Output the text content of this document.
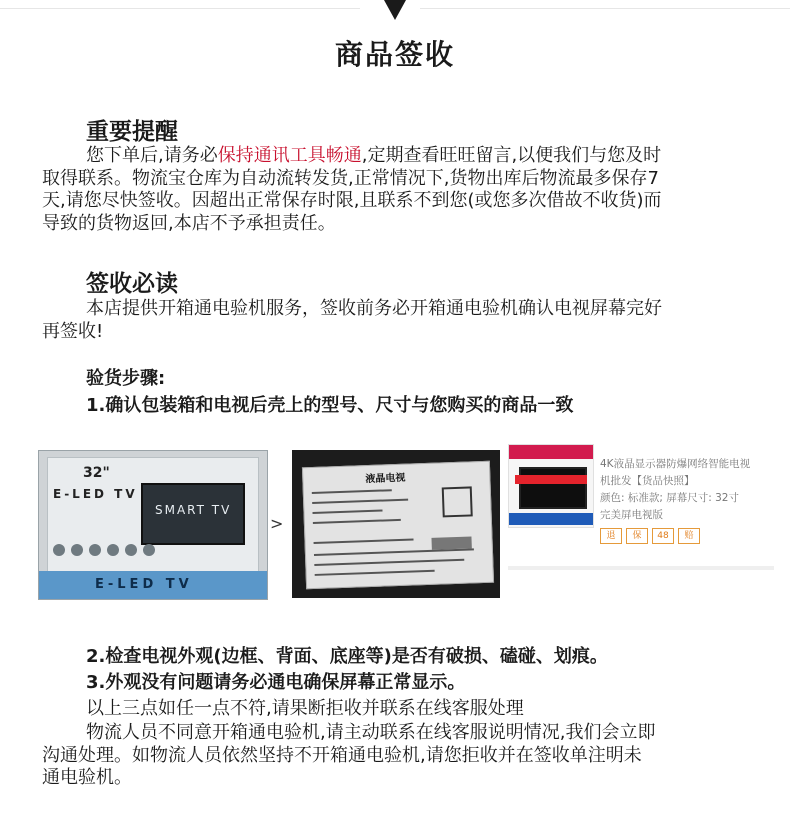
商品签收
重要提醒
您下单后,请务必保持通讯工具畅通,定期查看旺旺留言,以便我们与您及时
取得联系。物流宝仓库为自动流转发货,正常情况下,货物出库后物流最多保存7
天,请您尽快签收。因超出正常保存时限,且联系不到您(或您多次借故不收货)而
导致的货物返回,本店不予承担责任。
签收必读
本店提供开箱通电验机服务，签收前务必开箱通电验机确认电视屏幕完好
再签收!
验货步骤:
1.确认包装箱和电视后壳上的型号、尺寸与您购买的商品一致
32"
E-LED TV
SMART TV
E-LED TV
>
液晶电视
4K液晶显示器防爆网络智能电视
机批发【货品快照】
颜色: 标准款; 屏幕尺寸: 32寸
完美屏电视版
退	保	48	赔
2.检查电视外观(边框、背面、底座等)是否有破损、磕碰、划痕。
3.外观没有问题请务必通电确保屏幕正常显示。
以上三点如任一点不符,请果断拒收并联系在线客服处理
物流人员不同意开箱通电验机,请主动联系在线客服说明情况,我们会立即
沟通处理。如物流人员依然坚持不开箱通电验机,请您拒收并在签收单注明未
通电验机。
